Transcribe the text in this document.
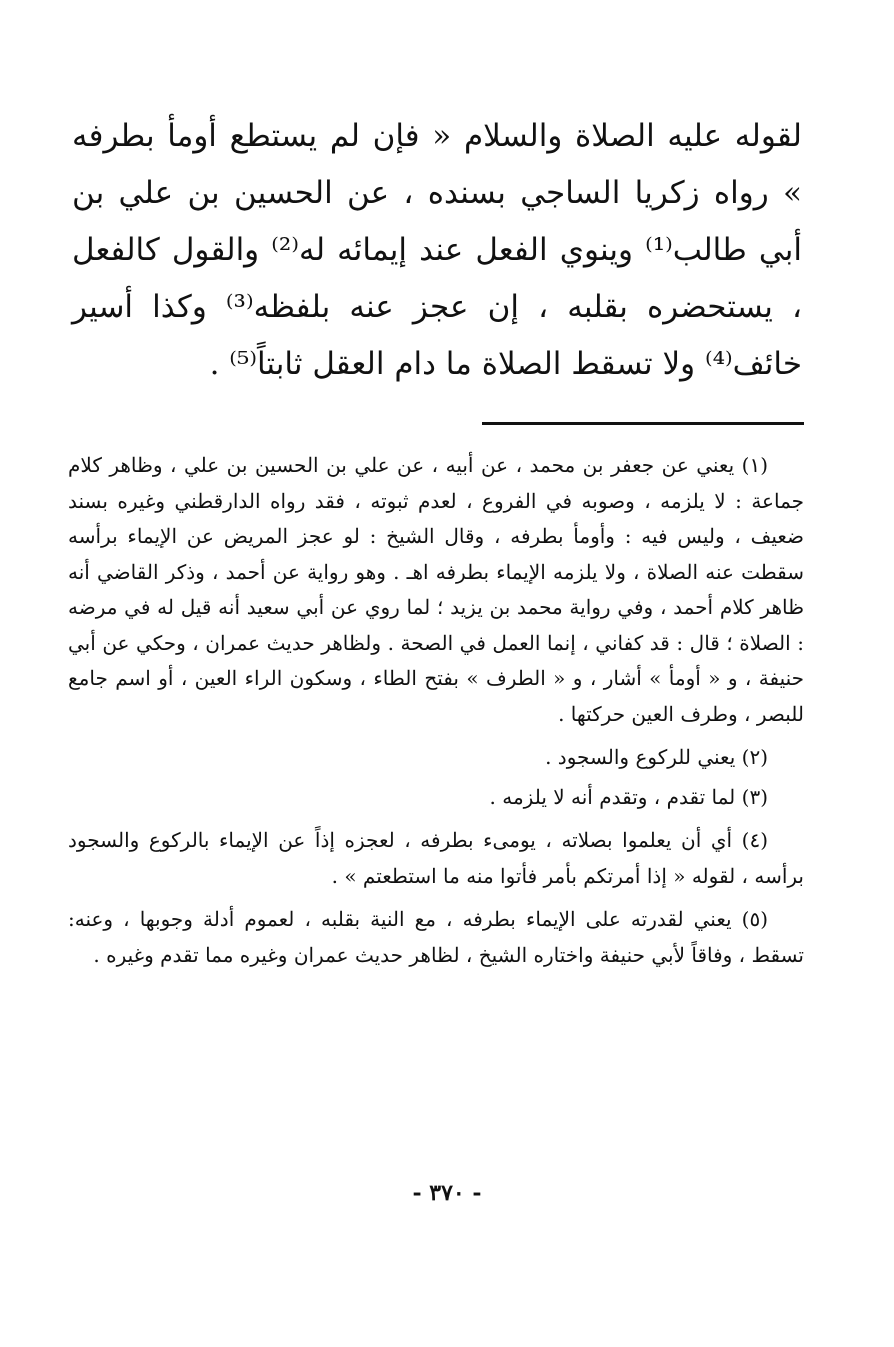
لقوله عليه الصلاة والسلام « فإن لم يستطع أومأ بطرفه » رواه زكريا الساجي بسنده ، عن الحسين بن علي بن أبي طالب⁽¹⁾ وينوي الفعل عند إيمائه له⁽²⁾ والقول كالفعل ، يستحضره بقلبه ، إن عجز عنه بلفظه⁽³⁾ وكذا أسير خائف⁽⁴⁾ ولا تسقط الصلاة ما دام العقل ثابتاً⁽⁵⁾ .

(١) يعني عن جعفر بن محمد ، عن أبيه ، عن علي بن الحسين بن علي ، وظاهر كلام جماعة : لا يلزمه ، وصوبه في الفروع ، لعدم ثبوته ، فقد رواه الدارقطني وغيره بسند ضعيف ، وليس فيه : وأومأ بطرفه ، وقال الشيخ : لو عجز المريض عن الإيماء برأسه سقطت عنه الصلاة ، ولا يلزمه الإيماء بطرفه اهـ . وهو رواية عن أحمد ، وذكر القاضي أنه ظاهر كلام أحمد ، وفي رواية محمد بن يزيد ؛ لما روي عن أبي سعيد أنه قيل له في مرضه : الصلاة ؛ قال : قد كفاني ، إنما العمل في الصحة . ولظاهر حديث عمران ، وحكي عن أبي حنيفة ، و « أومأ » أشار ، و « الطرف » بفتح الطاء ، وسكون الراء العين ، أو اسم جامع للبصر ، وطرف العين حركتها .

(٢) يعني للركوع والسجود .

(٣) لما تقدم ، وتقدم أنه لا يلزمه .

(٤) أي أن يعلموا بصلاته ، يومىء بطرفه ، لعجزه إذاً عن الإيماء بالركوع والسجود برأسه ، لقوله « إذا أمرتكم بأمر فأتوا منه ما استطعتم » .

(٥) يعني لقدرته على الإيماء بطرفه ، مع النية بقلبه ، لعموم أدلة وجوبها ، وعنه: تسقط ، وفاقاً لأبي حنيفة واختاره الشيخ ، لظاهر حديث عمران وغيره مما تقدم وغيره .

- ٣٧٠ -
